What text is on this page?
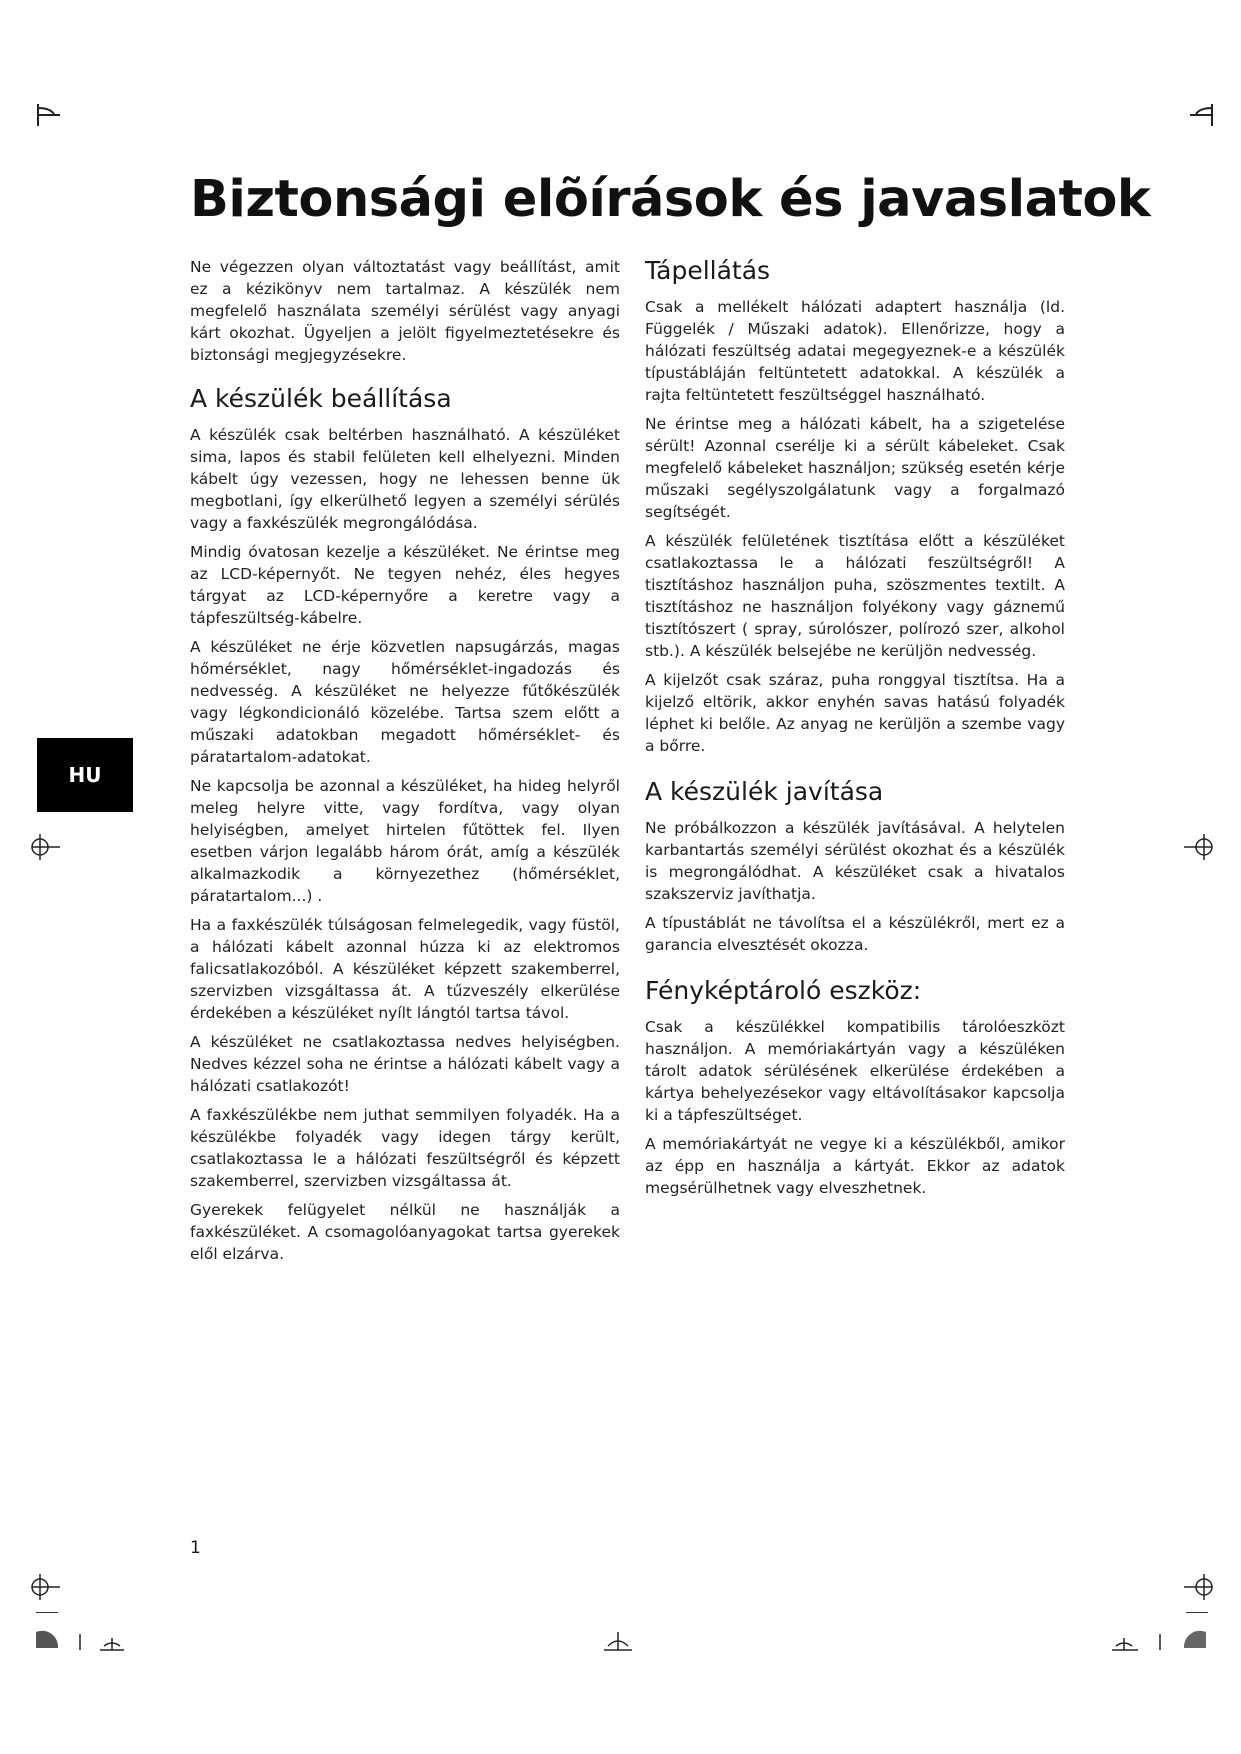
Biztonsági elõírások és javaslatok

Ne végezzen olyan változtatást vagy beállítást, amit ez a kézikönyv nem tartalmaz. A készülék nem megfelelő használata személyi sérülést vagy anyagi kárt okozhat. Ügyeljen a jelölt figyelmeztetésekre és biztonsági megjegyzésekre.

A készülék beállítása

A készülék csak beltérben használható. A készüléket sima, lapos és stabil felületen kell elhelyezni. Minden kábelt úgy vezessen, hogy ne lehessen benne ük megbotlani, így elkerülhető legyen a személyi sérülés vagy a faxkészülék megrongálódása.

Mindig óvatosan kezelje a készüléket. Ne érintse meg az LCD-képernyőt. Ne tegyen nehéz, éles hegyes tárgyat az LCD-képernyőre a keretre vagy a tápfeszültség-kábelre.

A készüléket ne érje közvetlen napsugárzás, magas hőmérséklet, nagy hőmérséklet-ingadozás és nedvesség. A készüléket ne helyezze fűtőkészülék vagy légkondicionáló közelébe. Tartsa szem előtt a műszaki adatokban megadott hőmérséklet- és páratartalom-adatokat.

Ne kapcsolja be azonnal a készüléket, ha hideg helyről meleg helyre vitte, vagy fordítva, vagy olyan helyiségben, amelyet hirtelen fűtöttek fel. Ilyen esetben várjon legalább három órát, amíg a készülék alkalmazkodik a környezethez (hőmérséklet, páratartalom...) .

Ha a faxkészülék túlságosan felmelegedik, vagy füstöl, a hálózati kábelt azonnal húzza ki az elektromos falicsatlakozóból. A készüléket képzett szakemberrel, szervizben vizsgáltassa át. A tűzveszély elkerülése érdekében a készüléket nyílt lángtól tartsa távol.

A készüléket ne csatlakoztassa nedves helyiségben. Nedves kézzel soha ne érintse a hálózati kábelt vagy a hálózati csatlakozót!

A faxkészülékbe nem juthat semmilyen folyadék. Ha a készülékbe folyadék vagy idegen tárgy került, csatlakoztassa le a hálózati feszültségről és képzett szakemberrel, szervizben vizsgáltassa át.

Gyerekek felügyelet nélkül ne használják a faxkészüléket. A csomagolóanyagokat tartsa gyerekek elől elzárva.

Tápellátás

Csak a mellékelt hálózati adaptert használja (ld. Függelék / Műszaki adatok). Ellenőrizze, hogy a hálózati feszültség adatai megegyeznek-e a készülék típustábláján feltüntetett adatokkal. A készülék a rajta feltüntetett feszültséggel használható.

Ne érintse meg a hálózati kábelt, ha a szigetelése sérült! Azonnal cserélje ki a sérült kábeleket. Csak megfelelő kábeleket használjon; szükség esetén kérje műszaki segélyszolgálatunk vagy a forgalmazó segítségét.

A készülék felületének tisztítása előtt a készüléket csatlakoztassa le a hálózati feszültségről! A tisztításhoz használjon puha, szöszmentes textilt. A tisztításhoz ne használjon folyékony vagy gáznemű tisztítószert ( spray, súrolószer, polírozó szer, alkohol stb.). A készülék belsejébe ne kerüljön nedvesség.

A kijelzőt csak száraz, puha ronggyal tisztítsa. Ha a kijelző eltörik, akkor enyhén savas hatású folyadék léphet ki belőle. Az anyag ne kerüljön a szembe vagy a bőrre.

A készülék javítása

Ne próbálkozzon a készülék javításával. A helytelen karbantartás személyi sérülést okozhat és a készülék is megrongálódhat. A készüléket csak a hivatalos szakszerviz javíthatja.

A típustáblát ne távolítsa el a készülékről, mert ez a garancia elvesztését okozza.

Fényképtároló eszköz:

Csak a készülékkel kompatibilis tárolóeszközt használjon. A memóriakártyán vagy a készüléken tárolt adatok sérülésének elkerülése érdekében a kártya behelyezésekor vagy eltávolításakor kapcsolja ki a tápfeszültséget.

A memóriakártyát ne vegye ki a készülékből, amikor az épp en használja a kártyát. Ekkor az adatok megsérülhetnek vagy elveszhetnek.

HU
1
